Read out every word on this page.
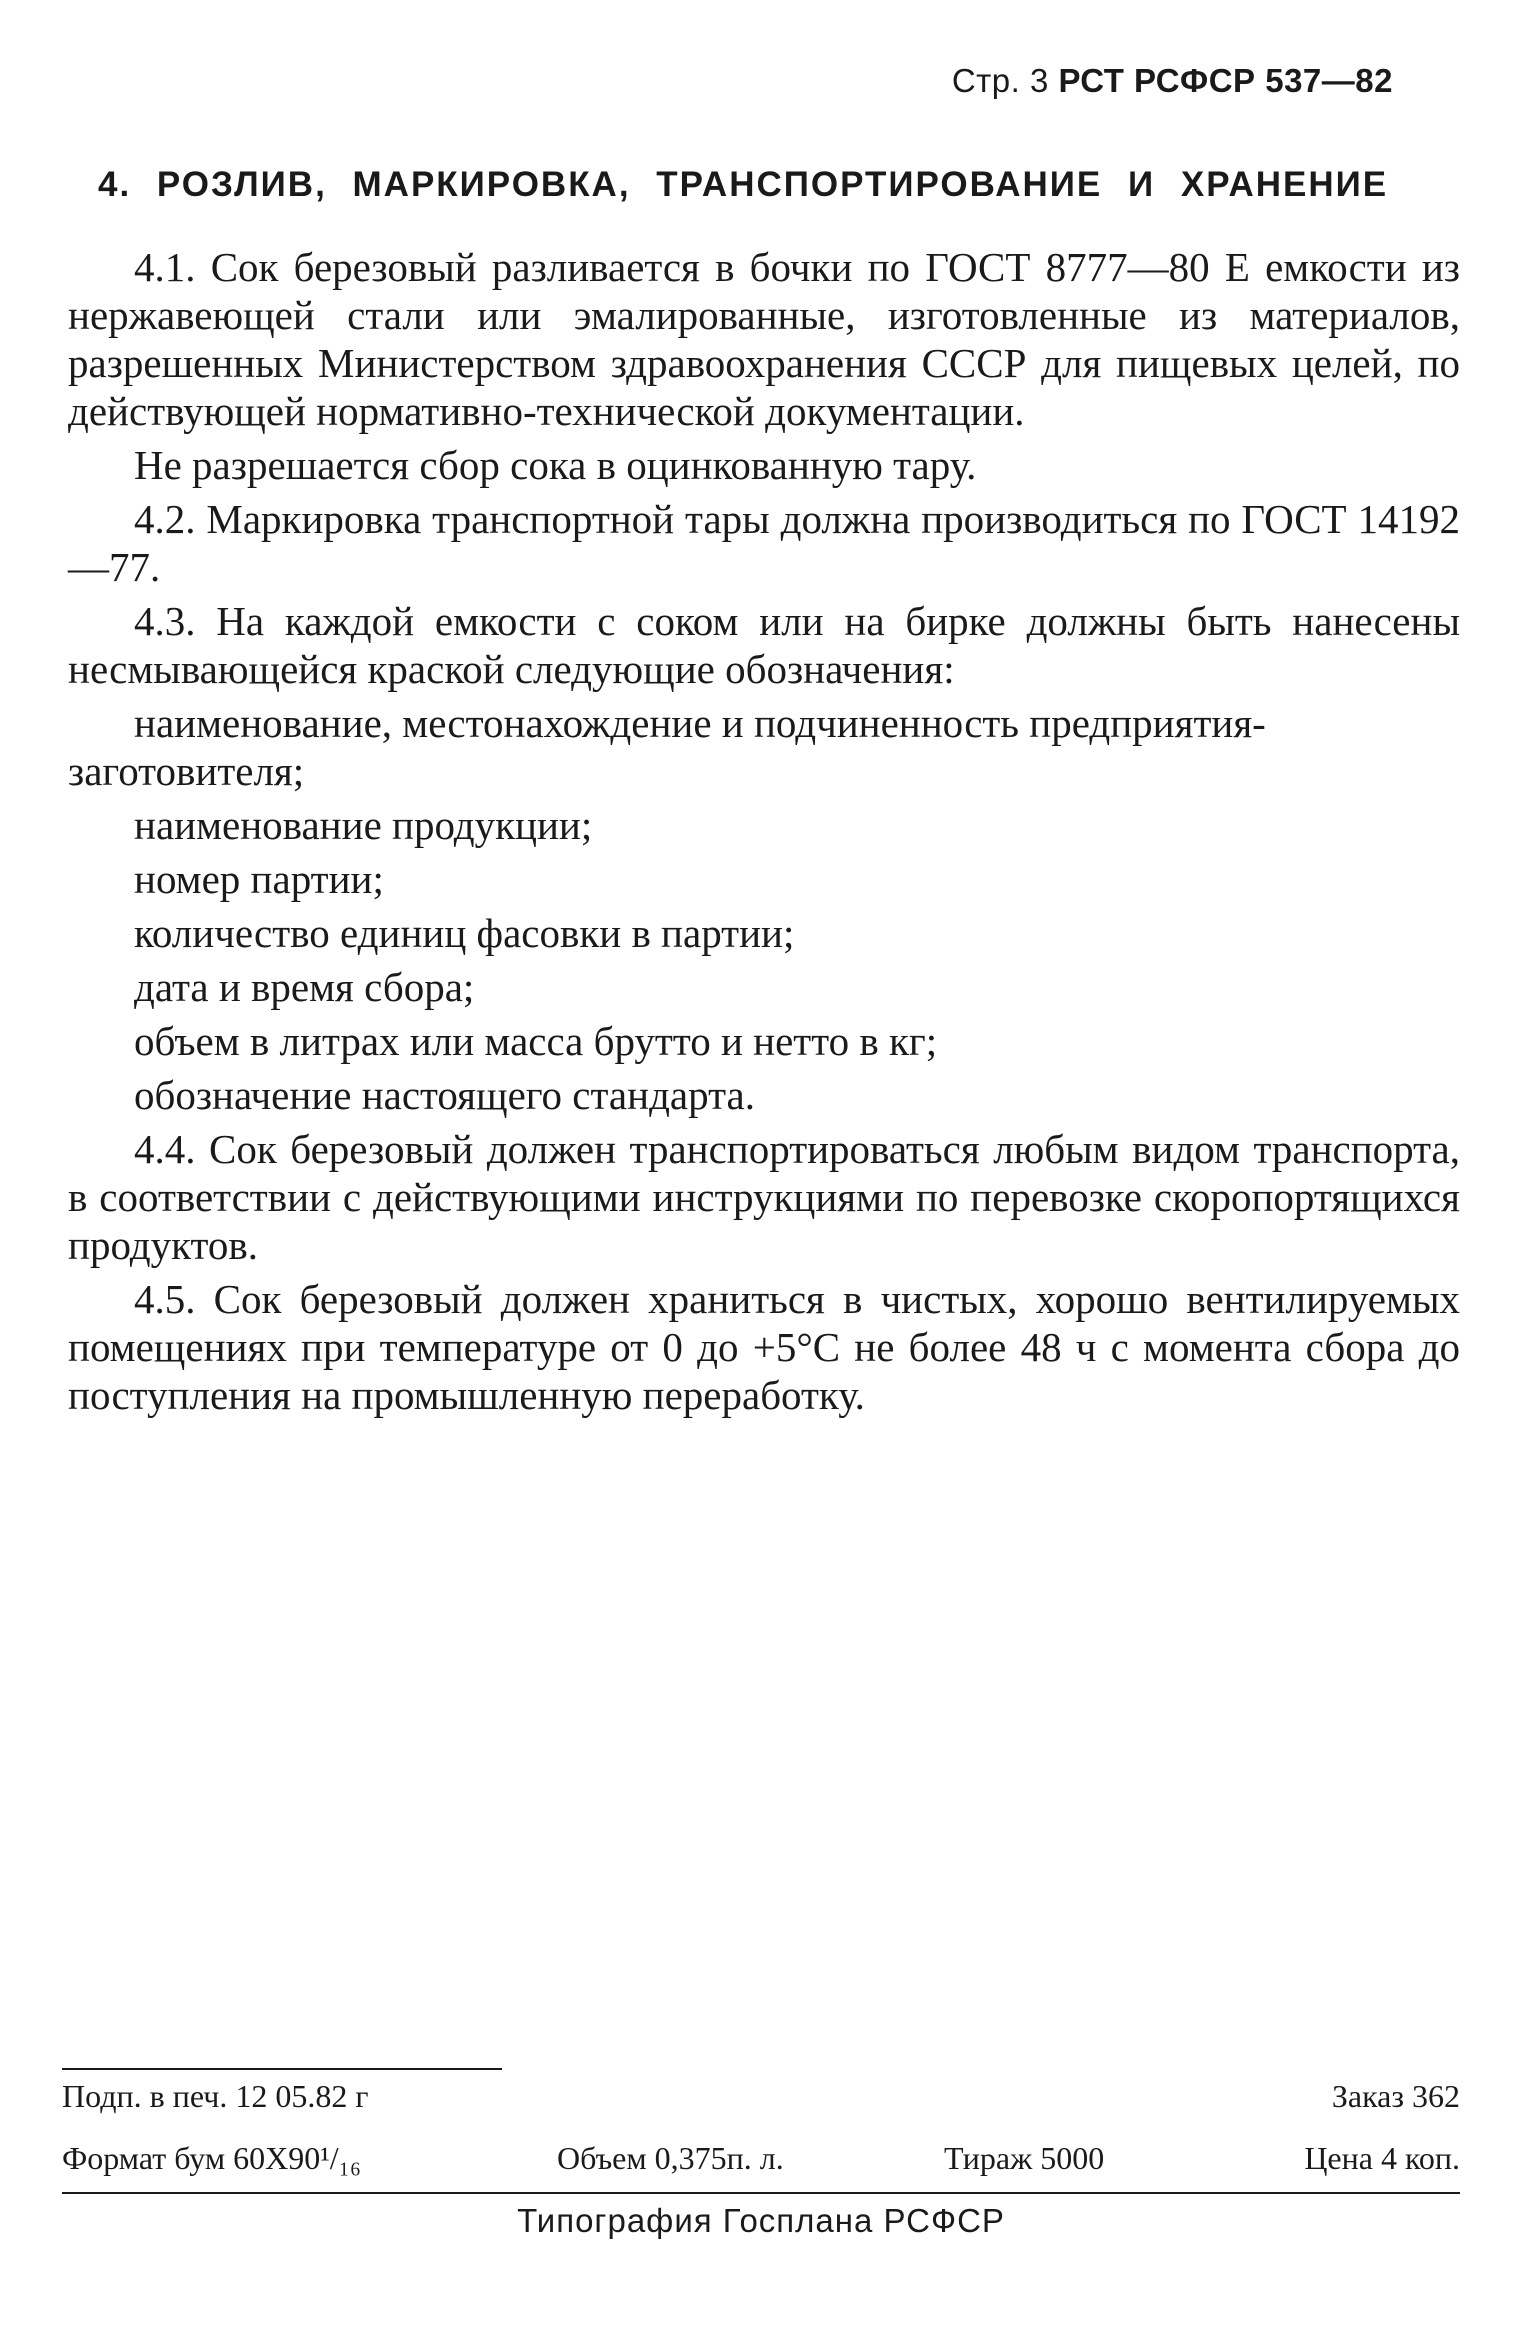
Стр. 3 РСТ РСФСР 537—82
4. РОЗЛИВ, МАРКИРОВКА, ТРАНСПОРТИРОВАНИЕ И ХРАНЕНИЕ

4.1. Сок березовый разливается в бочки по ГОСТ 8777—80 Е емкости из нержавеющей стали или эмалированные, изготовленные из материалов, разрешенных Министерством здравоохранения СССР для пищевых целей, по действующей нормативно-технической документации.

Не разрешается сбор сока в оцинкованную тару.

4.2. Маркировка транспортной тары должна производиться по ГОСТ 14192—77.

4.3. На каждой емкости с соком или на бирке должны быть нанесены несмывающейся краской следующие обозначения:

наименование, местонахождение и подчиненность предприятия-заготовителя;

наименование продукции;

номер партии;

количество единиц фасовки в партии;

дата и время сбора;

объем в литрах или масса брутто и нетто в кг;

обозначение настоящего стандарта.

4.4. Сок березовый должен транспортироваться любым видом транспорта, в соответствии с действующими инструкциями по перевозке скоропортящихся продуктов.

4.5. Сок березовый должен храниться в чистых, хорошо вентилируемых помещениях при температуре от 0 до +5°С не более 48 ч с момента сбора до поступления на промышленную переработку.

Подп. в печ. 12 05.82 г	Заказ 362
Формат бум 60X90¹/₁₆	Объем 0,375п. л.	Тираж 5000	Цена 4 коп.
Типография Госплана РСФСР
